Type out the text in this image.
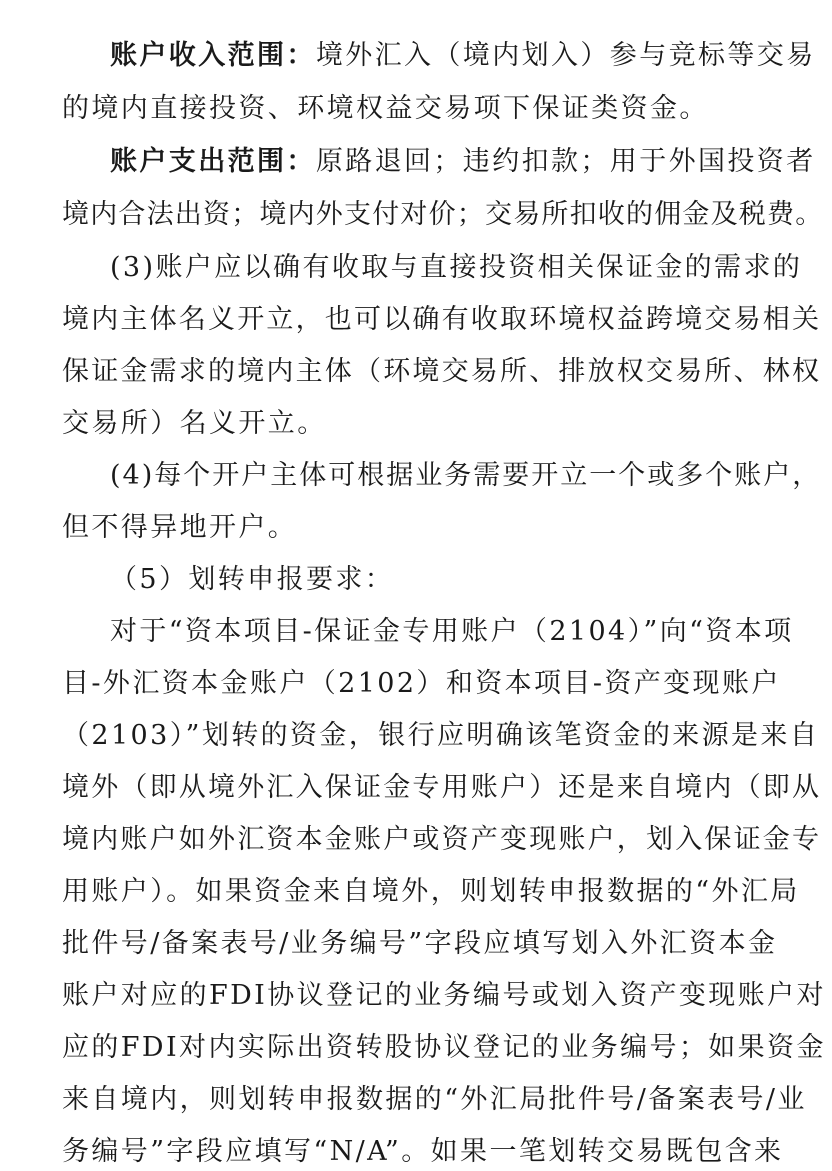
账户收入范围：境外汇入（境内划入）参与竞标等交易
的境内直接投资、环境权益交易项下保证类资金。
账户支出范围：原路退回；违约扣款；用于外国投资者
境内合法出资；境内外支付对价；交易所扣收的佣金及税费。
(3)账户应以确有收取与直接投资相关保证金的需求的
境内主体名义开立，也可以确有收取环境权益跨境交易相关
保证金需求的境内主体（环境交易所、排放权交易所、林权
交易所）名义开立。
(4)每个开户主体可根据业务需要开立一个或多个账户，
但不得异地开户。
（5）划转申报要求：
对于“资本项目-保证金专用账户（2104）”向“资本项
目-外汇资本金账户（2102）和资本项目-资产变现账户
（2103）”划转的资金，银行应明确该笔资金的来源是来自
境外（即从境外汇入保证金专用账户）还是来自境内（即从
境内账户如外汇资本金账户或资产变现账户，划入保证金专
用账户）。如果资金来自境外，则划转申报数据的“外汇局
批件号/备案表号/业务编号”字段应填写划入外汇资本金
账户对应的FDI协议登记的业务编号或划入资产变现账户对
应的FDI对内实际出资转股协议登记的业务编号；如果资金
来自境内，则划转申报数据的“外汇局批件号/备案表号/业
务编号”字段应填写“N/A”。如果一笔划转交易既包含来
